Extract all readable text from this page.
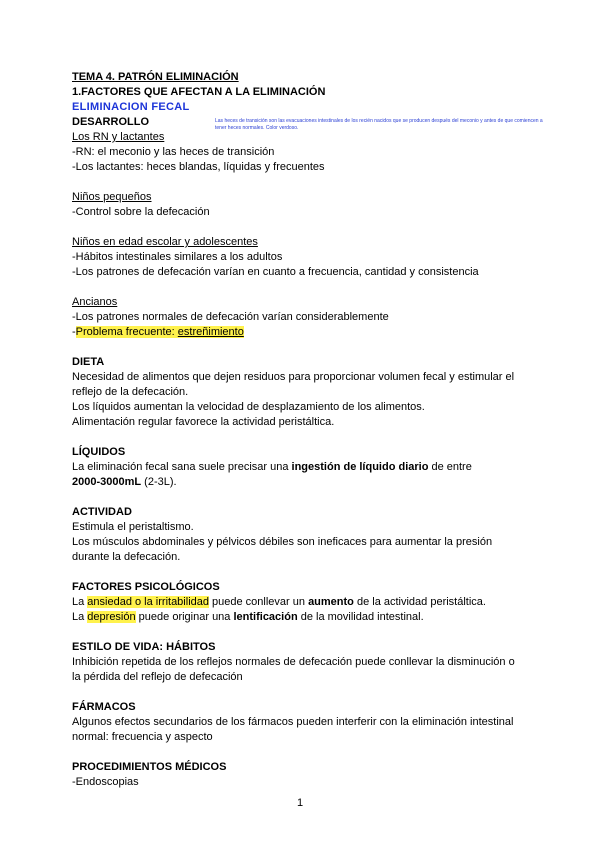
Las heces de transición son las evacuaciones intestinales de los recién nacidos que se producen después del meconio y antes de que comiencen a tener heces normales. Color verdoso.
TEMA 4. PATRÓN ELIMINACIÓN
1.FACTORES QUE AFECTAN A LA ELIMINACIÓN
ELIMINACION FECAL
DESARROLLO
Los RN y lactantes
-RN: el meconio y las heces de transición
-Los lactantes: heces blandas, líquidas y frecuentes
Niños pequeños
-Control sobre la defecación
Niños en edad escolar y adolescentes
-Hábitos intestinales similares a los adultos
-Los patrones de defecación varían en cuanto a frecuencia, cantidad y consistencia
Ancianos
-Los patrones normales de defecación varían considerablemente
-Problema frecuente: estreñimiento
DIETA
Necesidad de alimentos que dejen residuos para proporcionar volumen fecal y estimular el
reflejo de la defecación.
Los líquidos aumentan la velocidad de desplazamiento de los alimentos.
Alimentación regular favorece la actividad peristáltica.
LÍQUIDOS
La eliminación fecal sana suele precisar una ingestión de líquido diario de entre
2000-3000mL (2-3L).
ACTIVIDAD
Estimula el peristaltismo.
Los músculos abdominales y pélvicos débiles son ineficaces para aumentar la presión
durante la defecación.
FACTORES PSICOLÓGICOS
La ansiedad o la irritabilidad puede conllevar un aumento de la actividad peristáltica.
La depresión puede originar una lentificación de la movilidad intestinal.
ESTILO DE VIDA: HÁBITOS
Inhibición repetida de los reflejos normales de defecación puede conllevar la disminución o
la pérdida del reflejo de defecación
FÁRMACOS
Algunos efectos secundarios de los fármacos pueden interferir con la eliminación intestinal
normal: frecuencia y aspecto
PROCEDIMIENTOS MÉDICOS
-Endoscopias
1
